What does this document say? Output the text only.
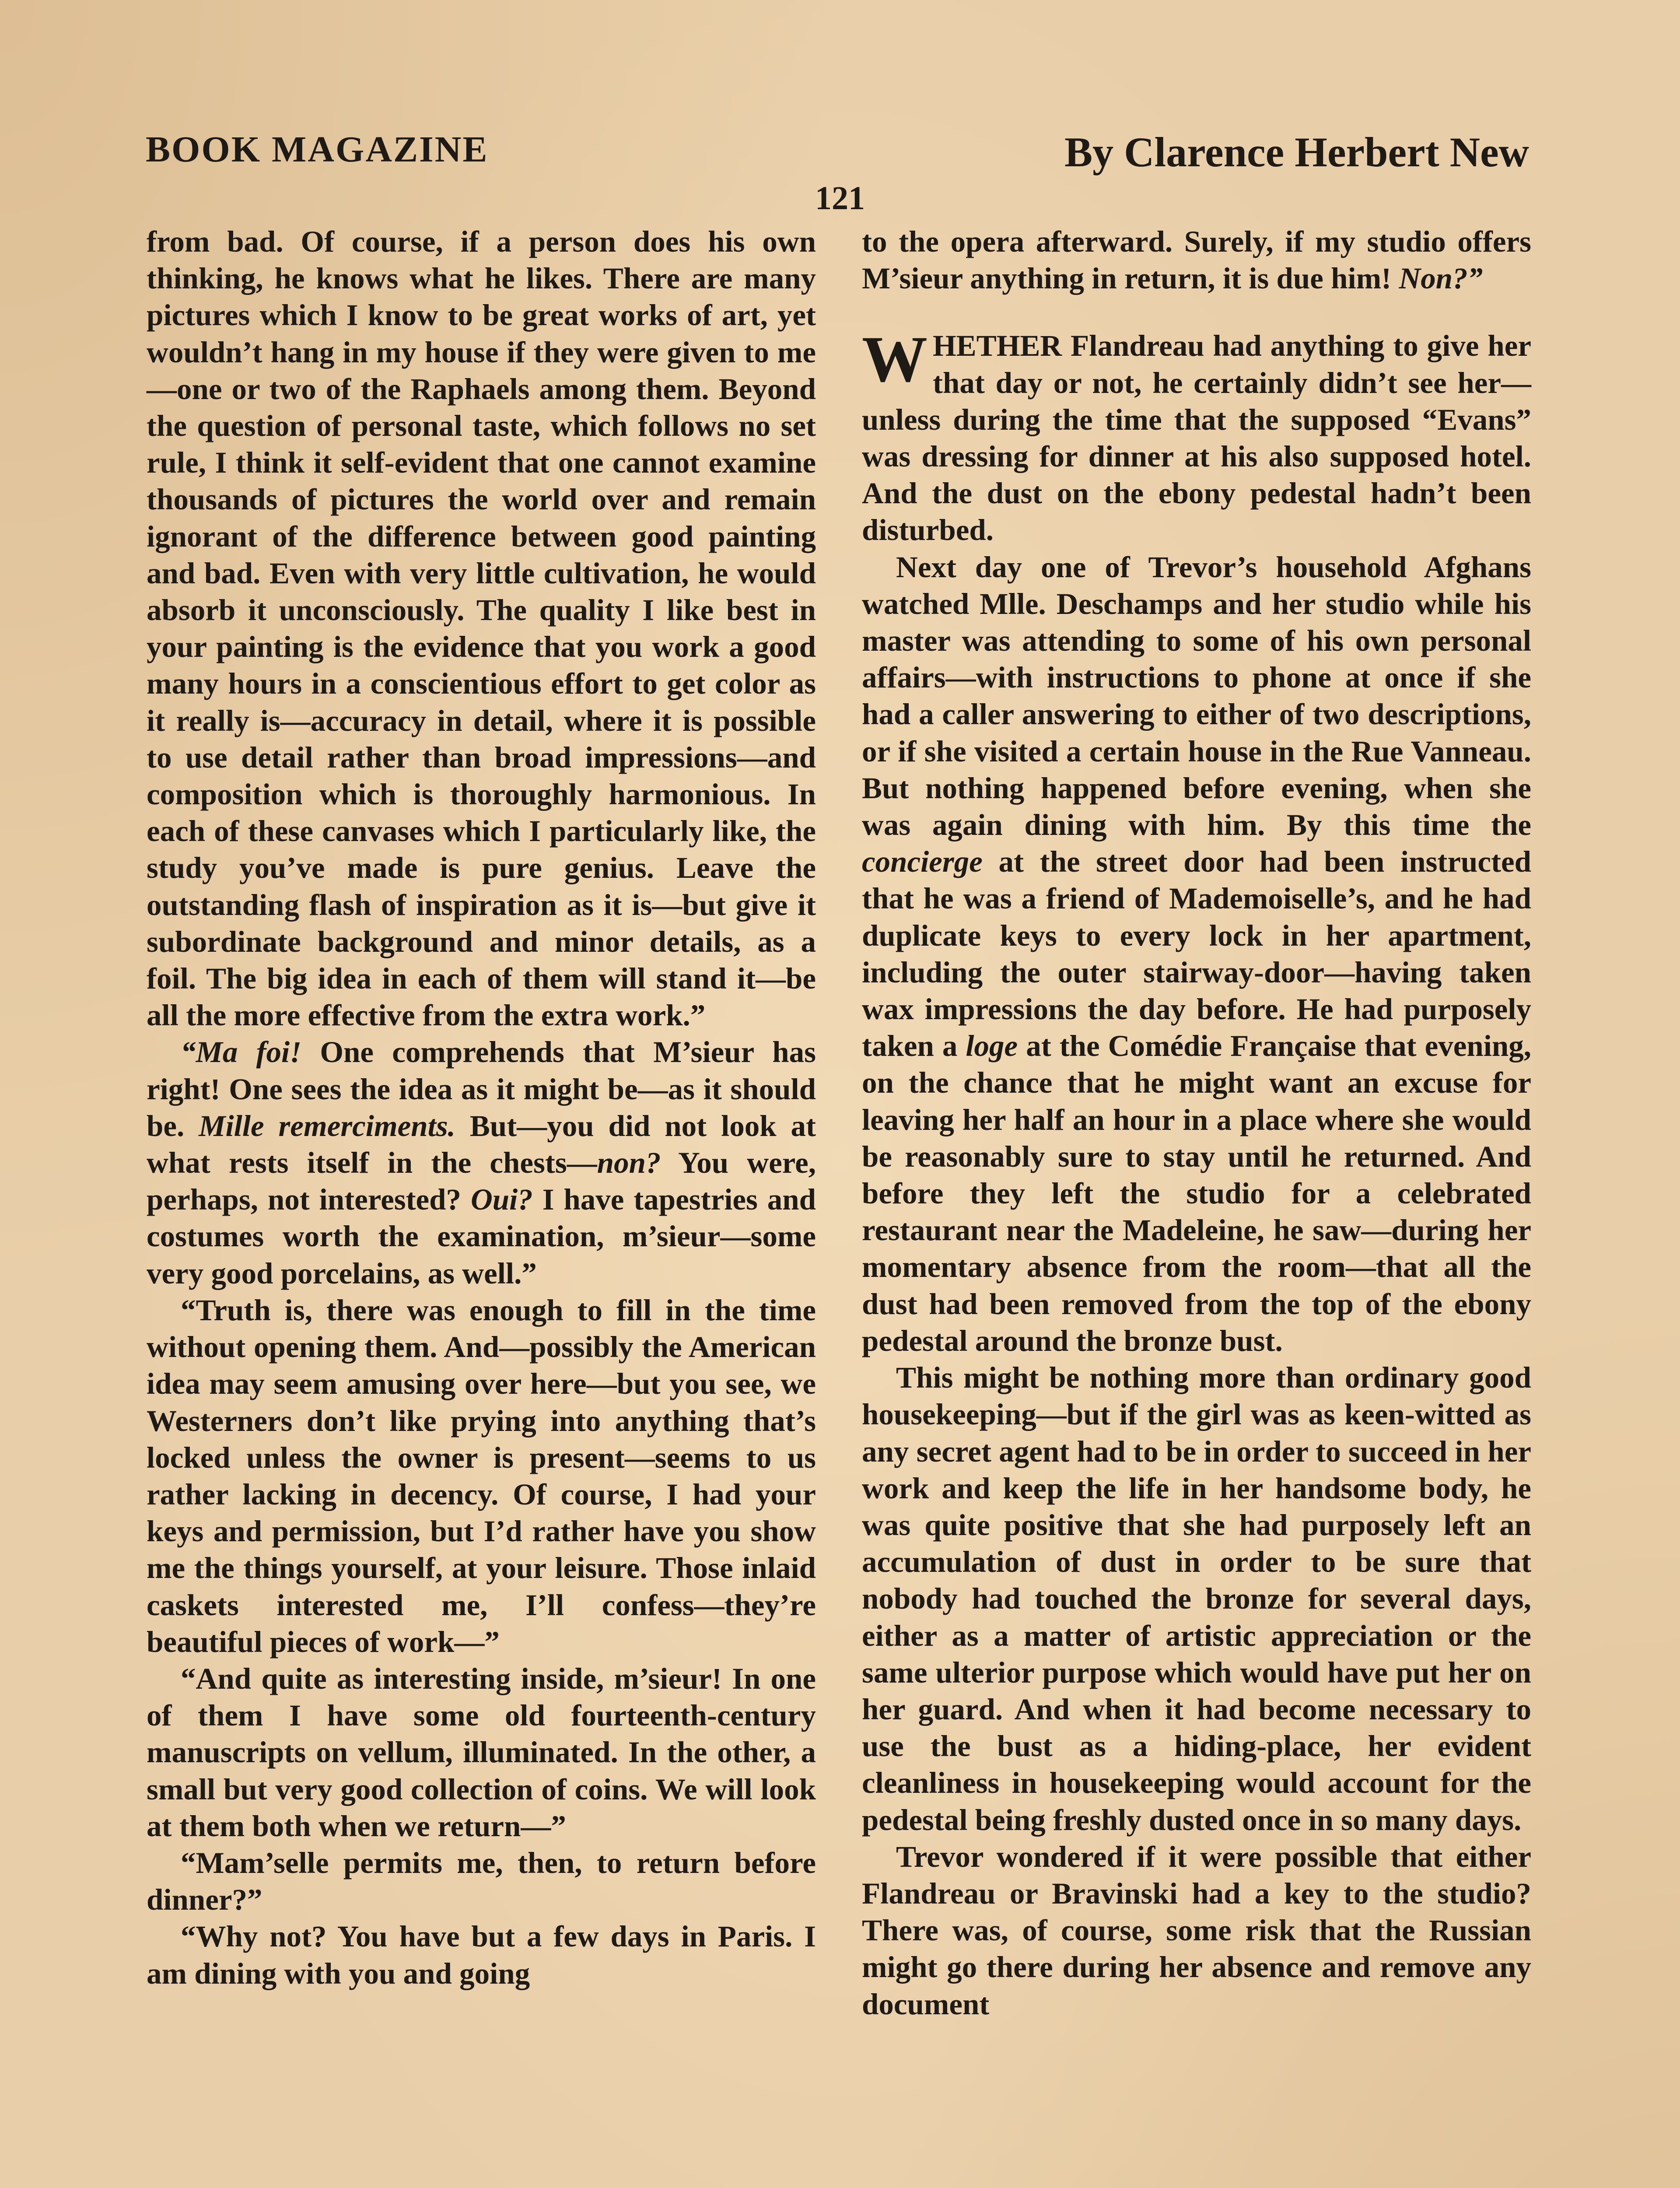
BOOK MAGAZINE	By Clarence Herbert New
121

from bad. Of course, if a person does his own thinking, he knows what he likes. There are many pictures which I know to be great works of art, yet wouldn’t hang in my house if they were given to me—one or two of the Raphaels among them. Beyond the question of personal taste, which follows no set rule, I think it self-evident that one cannot examine thousands of pictures the world over and remain ignorant of the difference between good painting and bad. Even with very little cultivation, he would absorb it unconsciously. The quality I like best in your painting is the evidence that you work a good many hours in a conscientious effort to get color as it really is—accuracy in detail, where it is possible to use detail rather than broad impressions—and composition which is thoroughly harmonious. In each of these canvases which I particularly like, the study you’ve made is pure genius. Leave the outstanding flash of inspiration as it is—but give it subordinate background and minor details, as a foil. The big idea in each of them will stand it—be all the more effective from the extra work.”

“Ma foi! One comprehends that M’sieur has right! One sees the idea as it might be—as it should be. Mille remerciments. But—you did not look at what rests itself in the chests—non? You were, perhaps, not interested? Oui? I have tapestries and costumes worth the examination, m’sieur—some very good porcelains, as well.”

“Truth is, there was enough to fill in the time without opening them. And—possibly the American idea may seem amusing over here—but you see, we Westerners don’t like prying into anything that’s locked unless the owner is present—seems to us rather lacking in decency. Of course, I had your keys and permission, but I’d rather have you show me the things yourself, at your leisure. Those inlaid caskets interested me, I’ll confess—they’re beautiful pieces of work—”

“And quite as interesting inside, m’sieur! In one of them I have some old fourteenth-century manuscripts on vellum, illuminated. In the other, a small but very good collection of coins. We will look at them both when we return—”

“Mam’selle permits me, then, to return before dinner?”

“Why not? You have but a few days in Paris. I am dining with you and going

to the opera afterward. Surely, if my studio offers M’sieur anything in return, it is due him! Non?”

WHETHER Flandreau had anything to give her that day or not, he certainly didn’t see her—unless during the time that the supposed “Evans” was dressing for dinner at his also supposed hotel. And the dust on the ebony pedestal hadn’t been disturbed.

Next day one of Trevor’s household Afghans watched Mlle. Deschamps and her studio while his master was attending to some of his own personal affairs—with instructions to phone at once if she had a caller answering to either of two descriptions, or if she visited a certain house in the Rue Vanneau. But nothing happened before evening, when she was again dining with him. By this time the concierge at the street door had been instructed that he was a friend of Mademoiselle’s, and he had duplicate keys to every lock in her apartment, including the outer stairway-door—having taken wax impressions the day before. He had purposely taken a loge at the Comédie Française that evening, on the chance that he might want an excuse for leaving her half an hour in a place where she would be reasonably sure to stay until he returned. And before they left the studio for a celebrated restaurant near the Madeleine, he saw—during her momentary absence from the room—that all the dust had been removed from the top of the ebony pedestal around the bronze bust.

This might be nothing more than ordinary good housekeeping—but if the girl was as keen-witted as any secret agent had to be in order to succeed in her work and keep the life in her handsome body, he was quite positive that she had purposely left an accumulation of dust in order to be sure that nobody had touched the bronze for several days, either as a matter of artistic appreciation or the same ulterior purpose which would have put her on her guard. And when it had become necessary to use the bust as a hiding-place, her evident cleanliness in housekeeping would account for the pedestal being freshly dusted once in so many days.

Trevor wondered if it were possible that either Flandreau or Bravinski had a key to the studio? There was, of course, some risk that the Russian might go there during her absence and remove any document
